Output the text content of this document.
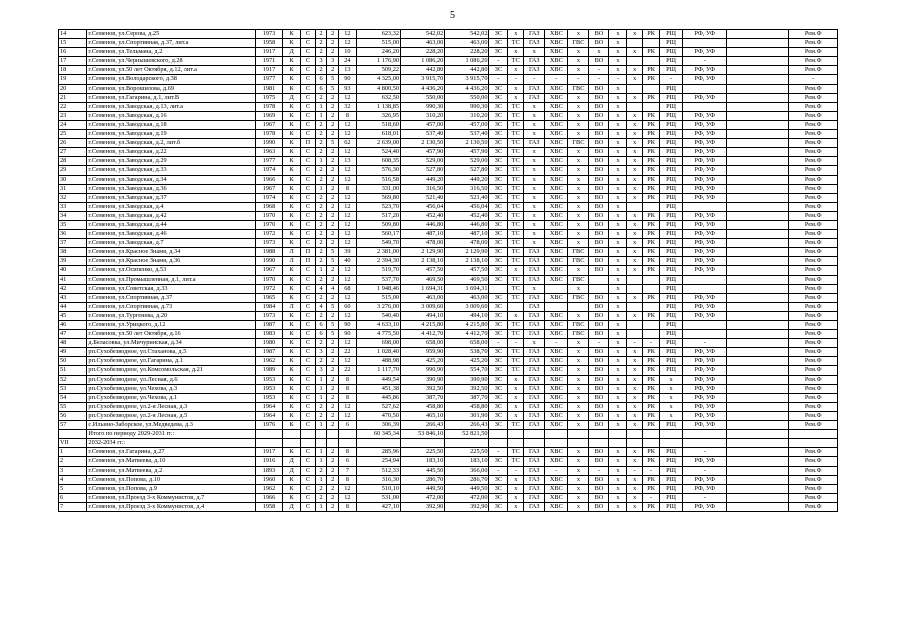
5
14	г.Семенов, ул.Серова, д.25	1973	К	С	2	2	12	623,32	542,02	542,02	ЗС	х	ГАЗ	ХВС	х	ВО	х	х	РК	РЩ	РФ, УФ		Рем.Ф
15	г.Семенов, ул.Спортивная, д.37, лит.а	1958	К	С	2	2	12	515,00	463,00	463,00	ЗС	ТС	ГАЗ	ХВС	ГВС	ВО	х			РЩ			Рем.Ф
16	г.Семенов, ул.Тельмана, д.2	1917	Д	С	2	2	10	246,20	228,20	228,20	ЗС	х	х	ХВС	х	х	х	х	РК	РЩ	РФ, УФ		Рем.Ф
17	г.Семенов, ул.Чернышевского, д.28	1971	К	С	3	3	24	1 176,90	1 086,20	1 086,20	-	ТС	ГАЗ	ХВС	х	ВО	х			РЩ	-		Рем.Ф
18	г.Семенов, ул.50 лет Октября, д.12, лит.а	1917	К	С	2	2	13	509,22	442,80	442,80	ЗС	х	ГАЗ	ХВС	х	-	х	х	РК	РЩ	РФ, УФ		Рем.Ф
19	г.Семенов, ул.Володарского, д.38	1977	К	С	6	5	90	4 325,00	3 915,70	3 915,70	-	-	-	-	-	-	-	х	РК	-	РФ, УФ		-
20	г.Семенов, ул.Ворошилова, д.69	1981	К	С	6	5	93	4 800,50	4 436,20	4 436,20	ЗС	х	ГАЗ	ХВС	ГВС	ВО	х			РЩ			Рем.Ф
21	г.Семенов, ул.Гагарина, д.1, лит.В	1975	Д	С	2	2	12	632,50	550,00	550,00	ЗС	х	ГАЗ	ХВС	х	ВО	х	х	РК	РЩ	РФ, УФ		Рем.Ф
22	г.Семенов, ул.Заводская, д.13, лит.а	1978	К	С	1	2	32	1 138,85	990,30	990,30	ЗС	ТС	х	ХВС	х	ВО	х			РЩ			Рем.Ф
23	г.Семенов, ул.Заводская, д.16	1969	К	С	1	2	8	326,95	310,20	310,20	ЗС	ТС	х	ХВС	х	ВО	х	х	РК	РЩ	РФ, УФ		Рем.Ф
24	г.Семенов, ул.Заводская, д.18	1967	К	С	2	2	12	518,60	457,00	457,00	ЗС	ТС	х	ХВС	х	ВО	х	х	РК	РЩ	РФ, УФ		Рем.Ф
25	г.Семенов, ул.Заводская, д.19	1978	К	С	2	2	12	618,01	537,40	537,40	ЗС	ТС	х	ХВС	х	ВО	х	х	РК	РЩ	РФ, УФ		Рем.Ф
26	г.Семенов, ул.Заводская, д.2, лит.б	1990	К	П	2	5	62	2 639,00	2 130,50	2 130,50	ЗС	ТС	ГАЗ	ХВС	ГВС	ВО	х	х	РК	РЩ	РФ, УФ		Рем.Ф
27	г.Семенов, ул.Заводская, д.22	1963	К	С	2	2	12	524,40	457,90	457,90	ЗС	ТС	х	ХВС	х	ВО	х	х	РК	РЩ	РФ, УФ		Рем.Ф
28	г.Семенов, ул.Заводская, д.29	1977	К	С	1	2	13	608,35	529,00	529,00	ЗС	ТС	х	ХВС	х	ВО	х	х	РК	РЩ	РФ, УФ		Рем.Ф
29	г.Семенов, ул.Заводская, д.33	1974	К	С	2	2	12	576,30	527,80	527,80	ЗС	ТС	х	ХВС	х	ВО	х	х	РК	РЩ	РФ, УФ		Рем.Ф
30	г.Семенов, ул.Заводская, д.34	1966	К	С	2	2	12	516,58	449,20	449,20	ЗС	ТС	х	ХВС	х	ВО	х	х	РК	РЩ	РФ, УФ		Рем.Ф
31	г.Семенов, ул.Заводская, д.36	1967	К	С	1	2	8	331,00	316,50	316,50	ЗС	ТС	х	ХВС	х	ВО	х	х	РК	РЩ	РФ, УФ		Рем.Ф
32	г.Семенов, ул.Заводская, д.37	1974	К	С	2	2	12	569,80	521,40	521,40	ЗС	ТС	х	ХВС	х	ВО	х	х	РК	РЩ	РФ, УФ		Рем.Ф
33	г.Семенов, ул.Заводская, д.4	1968	К	С	2	2	12	523,70	456,04	456,04	ЗС	ТС	х	ХВС	х	ВО	х			РЩ			Рем.Ф
34	г.Семенов, ул.Заводская, д.42	1970	К	С	2	2	12	517,20	452,40	452,40	ЗС	ТС	х	ХВС	х	ВО	х	х	РК	РЩ	РФ, УФ		Рем.Ф
35	г.Семенов, ул.Заводская, д.44	1970	К	С	2	2	12	509,80	446,80	446,80	ЗС	ТС	х	ХВС	х	ВО	х	х	РК	РЩ	РФ, УФ		Рем.Ф
36	г.Семенов, ул.Заводская, д.46	1972	К	С	2	2	12	560,17	487,10	487,10	ЗС	ТС	х	ХВС	х	ВО	х	х	РК	РЩ	РФ, УФ		Рем.Ф
37	г.Семенов, ул.Заводская, д.7	1973	К	С	2	2	12	549,70	478,00	478,00	ЗС	ТС	х	ХВС	х	ВО	х	х	РК	РЩ	РФ, УФ		Рем.Ф
38	г.Семенов, ул.Красное Знамя, д.34	1988	Л	П	2	5	39	2 381,00	2 129,90	2 129,90	ЗС	ТС	ГАЗ	ХВС	ГВС	ВО	х	х	РК	РЩ	РФ, УФ		Рем.Ф
39	г.Семенов, ул.Красное Знамя, д.36	1990	Л	П	2	5	40	2 394,30	2 138,10	2 138,10	ЗС	ТС	ГАЗ	ХВС	ГВС	ВО	х	х	РК	РЩ	РФ, УФ		Рем.Ф
40	г.Семенов, ул.Осипенко, д.53	1967	К	С	1	2	12	519,70	457,50	457,50	ЗС	х	ГАЗ	ХВС	х	ВО	х	х	РК	РЩ	РФ, УФ		Рем.Ф
41	г.Семенов, ул.Промышленная, д.1, лит.а	1970	К	С	2	2	12	537,70	469,50	469,50	ЗС	ТС	ГАЗ	ХВС	ГВС		х			РЩ			Рем.Ф
42	г.Семенов, ул.Советская, д.33	1972	К	С	4	4	68	1 948,46	1 694,31	1 694,31		ТС	х		х		х			РЩ			Рем.Ф
43	г.Семенов, ул.Спортивная, д.37	1965	К	С	2	2	12	515,00	463,00	463,00	ЗС	ТС	ГАЗ	ХВС	ГВС	ВО	х	х	РК	РЩ	РФ, УФ		Рем.Ф
44	г.Семенов, ул.Спортивная, д.73	1984	Л	С	4	5	60	3 276,00	3 009,60	3 009,60	ЗС		ГАЗ			ВО	х			РЩ	РФ, УФ		Рем.Ф
45	г.Семенов, ул.Тургенева, д.20	1973	К	С	2	2	12	540,40	494,10	494,10	ЗС	х	ГАЗ	ХВС	х	ВО	х	х	РК	РЩ	РФ, УФ		Рем.Ф
46	г.Семенов, ул.Урицкого, д.12	1987	К	С	6	5	90	4 633,10	4 215,80	4 215,80	ЗС	ТС	ГАЗ	ХВС	ГВС	ВО	х			РЩ			Рем.Ф
47	г.Семенов, ул.50 лет Октября, д.16	1983	К	С	6	5	90	4 775,50	4 412,70	4 412,70	ЗС	ТС	ГАЗ	ХВС	ГВС	ВО	х			РЩ			Рем.Ф
48	д.Беласовка, ул.Мичуринская, д.34	1980	К	С	2	2	12	698,00	658,00	658,00	-	-	х	-	х	-	х	-	-	РЩ	-		Рем.Ф
49	рп.Сухобезводное, ул.Стаханова, д.5	1987	К	С	3	2	22	1 028,40	959,90	538,70	ЗС	ТС	ГАЗ	ХВС	х	ВО	х	х	РК	РЩ	РФ, УФ		Рем.Ф
50	рп.Сухобезводное, ул.Гагарина, д.1	1962	К	С	2	2	12	488,98	425,20	425,20	ЗС	ТС	ГАЗ	ХВС	х	ВО	х	х	РК	РЩ	РФ, УФ		Рем.Ф
51	рп.Сухобезводное, ул.Комсомольская, д.21	1989	К	С	3	2	22	1 117,70	990,90	554,70	ЗС	ТС	ГАЗ	ХВС	х	ВО	х	х	РК	РЩ	РФ, УФ		Рем.Ф
52	рп.Сухобезводное, ул.Лесная, д.6	1953	К	С	1	2	8	449,54	390,90	390,90	ЗС	х	ГАЗ	ХВС	х	ВО	х	х	РК	х	РФ, УФ		Рем.Ф
53	рп.Сухобезводное, ул.Чехова, д.3	1953	К	С	1	2	8	451,38	392,50	392,50	ЗС	х	ГАЗ	ХВС	х	ВО	х	х	РК	х	РФ, УФ		Рем.Ф
54	рп.Сухобезводное, ул.Чехова, д.1	1953	К	С	1	2	8	445,86	387,70	387,70	ЗС	х	ГАЗ	ХВС	х	ВО	х	х	РК	х	РФ, УФ		Рем.Ф
55	рп.Сухобезводное, ул.2-я Лесная, д.3	1964	К	С	2	2	12	527,62	458,80	458,80	ЗС	х	ГАЗ	ХВС	х	ВО	х	х	РК	х	РФ, УФ		Рем.Ф
56	рп.Сухобезводное, ул.2-я Лесная, д.5	1964	К	С	2	2	12	470,50	465,10	301,90	ЗС	х	ГАЗ	ХВС	х	ВО	х	х	РК	х	РФ, УФ		Рем.Ф
57	с.Ильино-Заборское, ул.Медведева, д.3	1976	К	С	1	2	6	306,39	266,43	266,43	ЗС	ТС	ГАЗ	ХВС	х	ВО	х	х	РК	РЩ	РФ, УФ		Рем.Ф
	Итого по периоду 2029-2031 гг.:							60 345,34	53 846,10	52 821,50													
VII	2032-2034 гг.:																						
1	г.Семенов, ул.Гагарина, д.27	1917	К	С	1	2	8	285,96	225,50	225,50	-	ТС	ГАЗ	ХВС	х	ВО	х	х	РК	РЩ	-		Рем.Ф
2	г.Семенов, ул.Матвеева, д.10	1916	Д	С	1	2	6	254,94	183,10	183,10	ЗС	ТС	ГАЗ	ХВС	х	ВО	х	х	РК	РЩ	РФ, УФ		Рем.Ф
3	г.Семенов, ул.Матвеева, д.2	1893	Д	С	2	2	7	512,33	445,50	366,00	-	-	ГАЗ	-	х	-	х	-	-	РЩ	-		Рем.Ф
4	г.Семенов, ул.Попова, д.10	1960	К	С	1	2	8	316,30	286,70	286,70	ЗС	х	ГАЗ	ХВС	х	ВО	х	х	РК	РЩ	РФ, УФ		Рем.Ф
5	г.Семенов, ул.Попова, д.9	1962	К	С	2	2	12	510,10	449,50	449,50	ЗС	х	ГАЗ	ХВС	х	ВО	х	х	РК	РЩ	РФ, УФ		Рем.Ф
6	г.Семенов, ул.Проезд 3-х Коммунистов, д.7	1966	К	С	2	2	12	531,00	472,00	472,00	ЗС	х	ГАЗ	ХВС	х	ВО	х	х	-	РЩ	-		Рем.Ф
7	г.Семенов, ул.Проезд 3-х Коммунистов, д.4	1958	Д	С	1	2	8	427,10	392,90	392,90	ЗС	х	ГАЗ	ХВС	х	ВО	х	х	РК	РЩ	РФ, УФ		Рем.Ф
